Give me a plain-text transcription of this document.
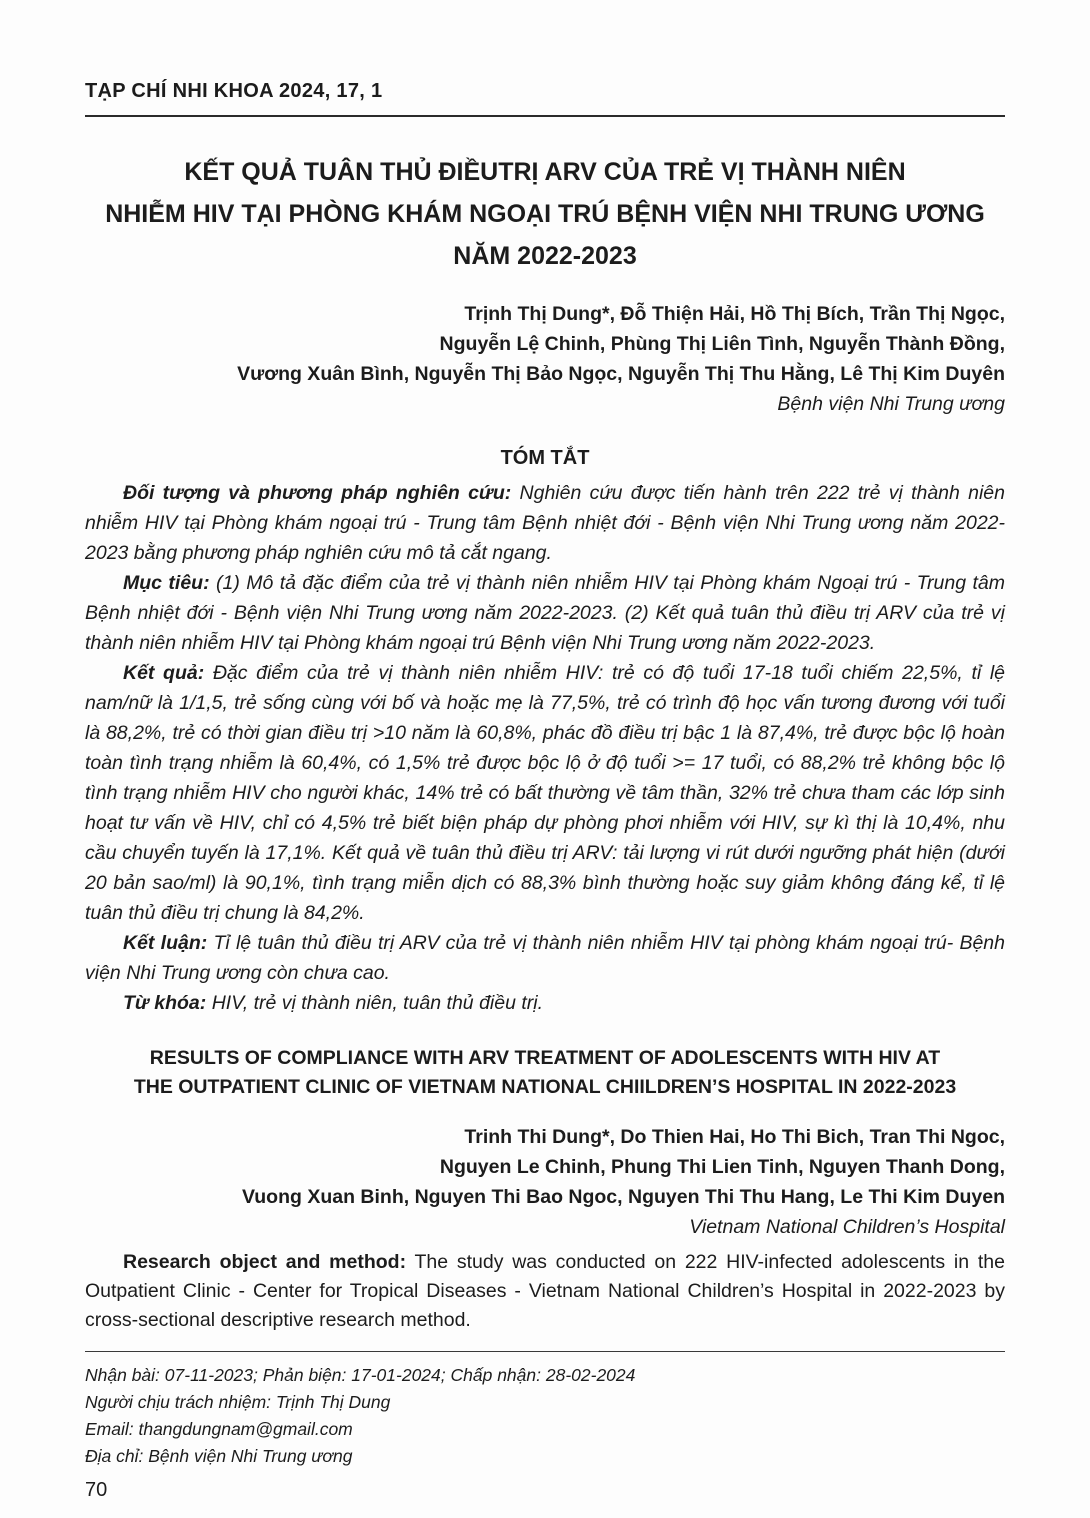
TẠP CHÍ NHI KHOA 2024, 17, 1
KẾT QUẢ TUÂN THỦ ĐIỀUTRỊ ARV CỦA TRẺ VỊ THÀNH NIÊN
NHIỄM HIV TẠI PHÒNG KHÁM NGOẠI TRÚ BỆNH VIỆN NHI TRUNG ƯƠNG
NĂM 2022-2023
Trịnh Thị Dung*, Đỗ Thiện Hải, Hồ Thị Bích, Trần Thị Ngọc,
Nguyễn Lệ Chinh, Phùng Thị Liên Tình, Nguyễn Thành Đồng,
Vương Xuân Bình, Nguyễn Thị Bảo Ngọc, Nguyễn Thị Thu Hằng, Lê Thị Kim Duyên
Bệnh viện Nhi Trung ương
TÓM TẮT

Đối tượng và phương pháp nghiên cứu: Nghiên cứu được tiến hành trên 222 trẻ vị thành niên nhiễm HIV tại Phòng khám ngoại trú - Trung tâm Bệnh nhiệt đới - Bệnh viện Nhi Trung ương năm 2022-2023 bằng phương pháp nghiên cứu mô tả cắt ngang.

Mục tiêu: (1) Mô tả đặc điểm của trẻ vị thành niên nhiễm HIV tại Phòng khám Ngoại trú - Trung tâm Bệnh nhiệt đới - Bệnh viện Nhi Trung ương năm 2022-2023. (2) Kết quả tuân thủ điều trị ARV của trẻ vị thành niên nhiễm HIV tại Phòng khám ngoại trú Bệnh viện Nhi Trung ương năm 2022-2023.

Kết quả: Đặc điểm của trẻ vị thành niên nhiễm HIV: trẻ có độ tuổi 17-18 tuổi chiếm 22,5%, tỉ lệ nam/nữ là 1/1,5, trẻ sống cùng với bố và hoặc mẹ là 77,5%, trẻ có trình độ học vấn tương đương với tuổi là 88,2%, trẻ có thời gian điều trị >10 năm là 60,8%, phác đồ điều trị bậc 1 là 87,4%, trẻ được bộc lộ hoàn toàn tình trạng nhiễm là 60,4%, có 1,5% trẻ được bộc lộ ở độ tuổi >= 17 tuổi, có 88,2% trẻ không bộc lộ tình trạng nhiễm HIV cho người khác, 14% trẻ có bất thường về tâm thần, 32% trẻ chưa tham các lớp sinh hoạt tư vấn về HIV, chỉ có 4,5% trẻ biết biện pháp dự phòng phơi nhiễm với HIV, sự kì thị là 10,4%, nhu cầu chuyển tuyến là 17,1%. Kết quả về tuân thủ điều trị ARV: tải lượng vi rút dưới ngưỡng phát hiện (dưới 20 bản sao/ml) là 90,1%, tình trạng miễn dịch có 88,3% bình thường hoặc suy giảm không đáng kể, tỉ lệ tuân thủ điều trị chung là 84,2%.

Kết luận: Tỉ lệ tuân thủ điều trị ARV của trẻ vị thành niên nhiễm HIV tại phòng khám ngoại trú- Bệnh viện Nhi Trung ương còn chưa cao.

Từ khóa: HIV, trẻ vị thành niên, tuân thủ điều trị.

RESULTS OF COMPLIANCE WITH ARV TREATMENT OF ADOLESCENTS WITH HIV AT
THE OUTPATIENT CLINIC OF VIETNAM NATIONAL CHIILDREN’S HOSPITAL IN 2022-2023
Trinh Thi Dung*, Do Thien Hai, Ho Thi Bich, Tran Thi Ngoc,
Nguyen Le Chinh, Phung Thi Lien Tinh, Nguyen Thanh Dong,
Vuong Xuan Binh, Nguyen Thi Bao Ngoc, Nguyen Thi Thu Hang, Le Thi Kim Duyen
Vietnam National Children’s Hospital

Research object and method: The study was conducted on 222 HIV-infected adolescents in the Outpatient Clinic - Center for Tropical Diseases - Vietnam National Children’s Hospital in 2022-2023 by cross-sectional descriptive research method.

Nhận bài: 07-11-2023; Phản biện: 17-01-2024; Chấp nhận: 28-02-2024
Người chịu trách nhiệm: Trịnh Thị Dung
Email: thangdungnam@gmail.com
Địa chỉ: Bệnh viện Nhi Trung ương
70
